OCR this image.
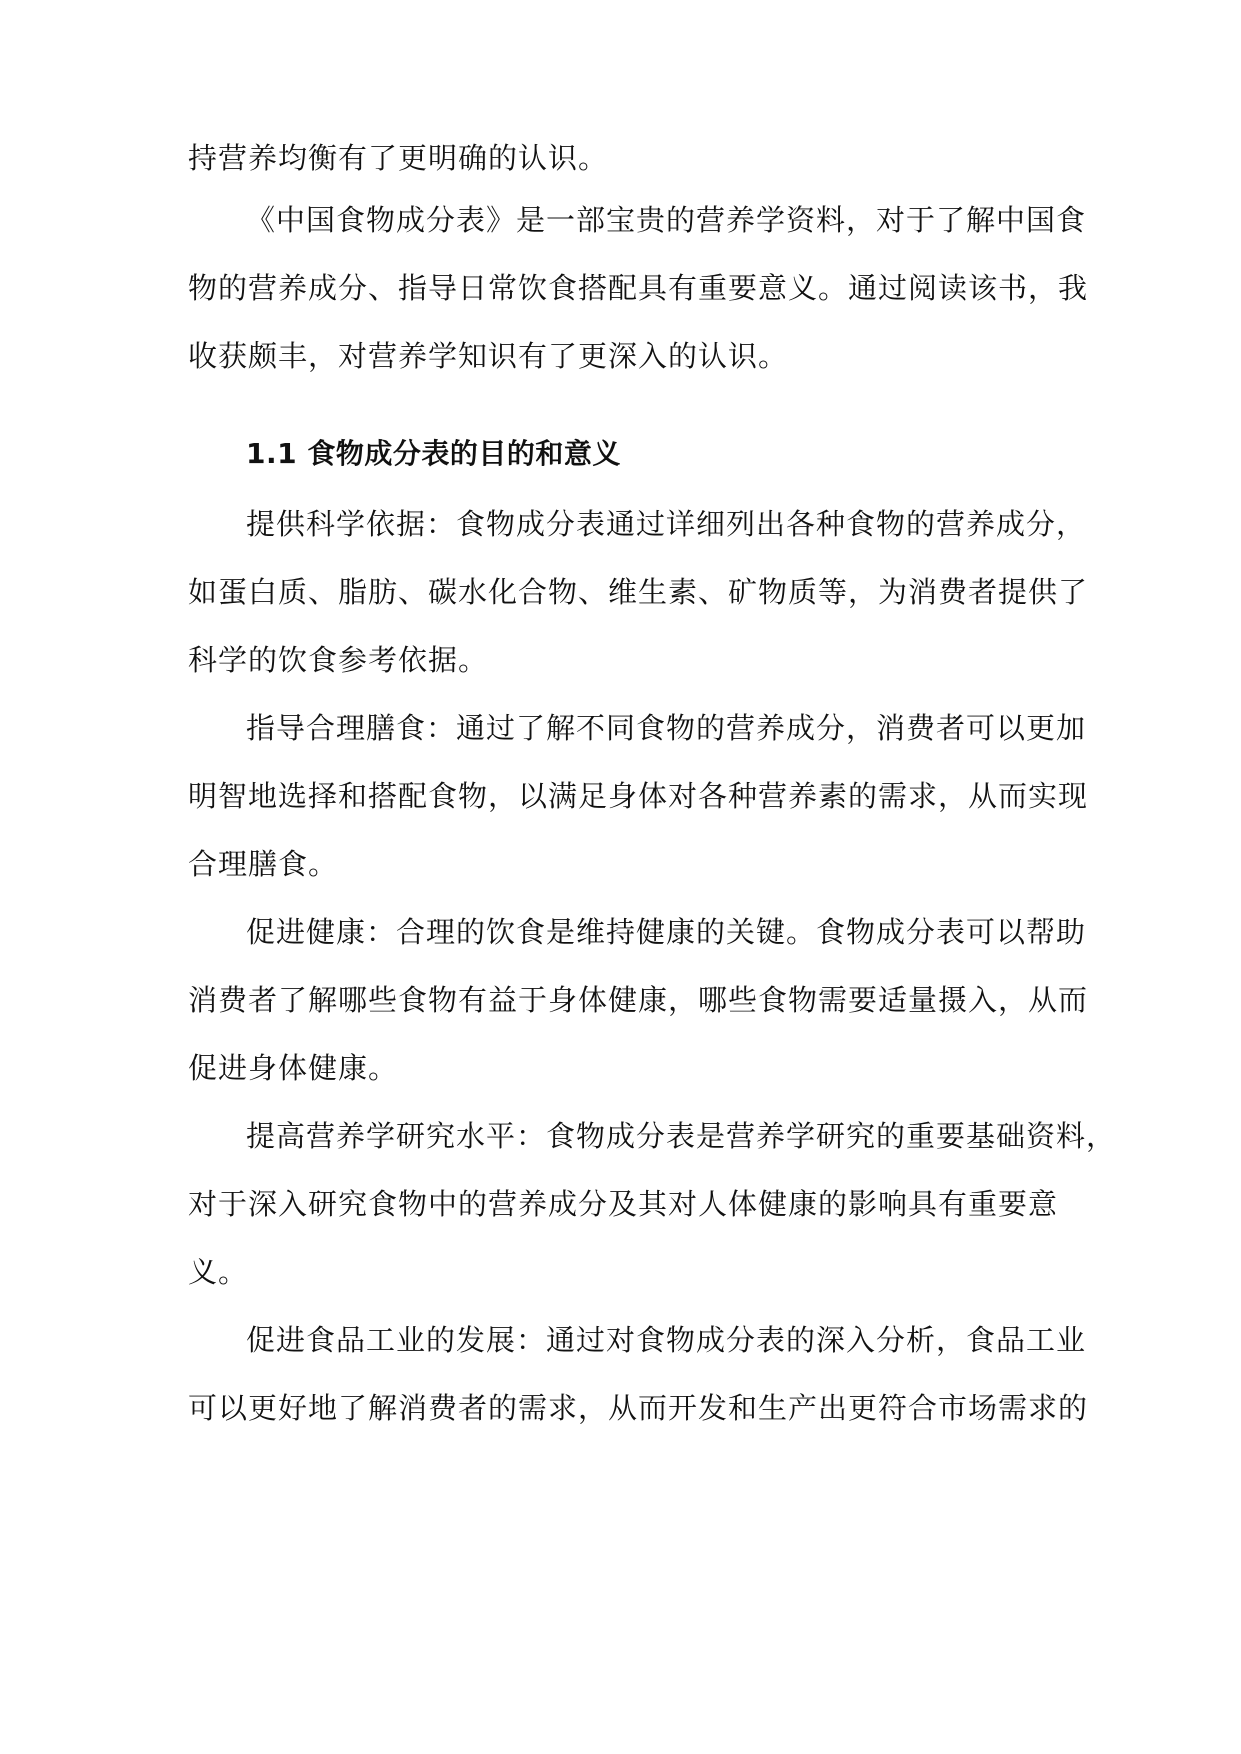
持营养均衡有了更明确的认识。
《中国食物成分表》是一部宝贵的营养学资料，对于了解中国食
物的营养成分、指导日常饮食搭配具有重要意义。通过阅读该书，我
收获颇丰，对营养学知识有了更深入的认识。
1.1 食物成分表的目的和意义
提供科学依据：食物成分表通过详细列出各种食物的营养成分，
如蛋白质、脂肪、碳水化合物、维生素、矿物质等，为消费者提供了
科学的饮食参考依据。
指导合理膳食：通过了解不同食物的营养成分，消费者可以更加
明智地选择和搭配食物，以满足身体对各种营养素的需求，从而实现
合理膳食。
促进健康：合理的饮食是维持健康的关键。食物成分表可以帮助
消费者了解哪些食物有益于身体健康，哪些食物需要适量摄入，从而
促进身体健康。
提高营养学研究水平：食物成分表是营养学研究的重要基础资料，
对于深入研究食物中的营养成分及其对人体健康的影响具有重要意
义。
促进食品工业的发展：通过对食物成分表的深入分析，食品工业
可以更好地了解消费者的需求，从而开发和生产出更符合市场需求的
